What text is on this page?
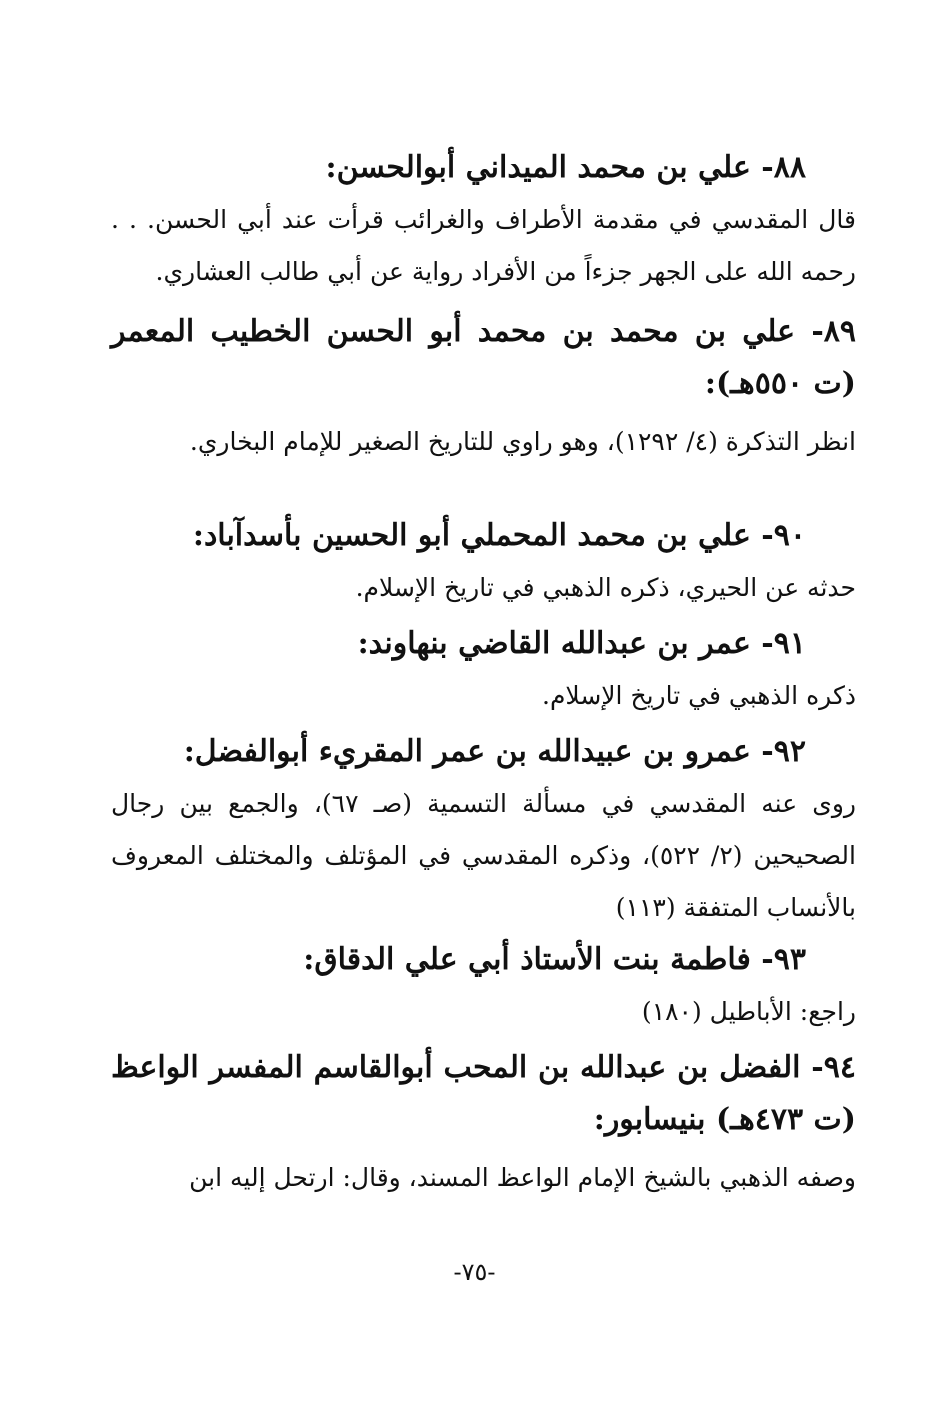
٨٨- علي بن محمد الميداني أبوالحسن:

قال المقدسي في مقدمة الأطراف والغرائب قرأت عند أبي الحسن. . . رحمه الله على الجهر جزءاً من الأفراد رواية عن أبي طالب العشاري.

٨٩- علي بن محمد بن محمد أبو الحسن الخطيب المعمر (ت ٥٥٠هـ):

انظر التذكرة (٤/ ١٢٩٢)، وهو راوي للتاريخ الصغير للإمام البخاري.

٩٠- علي بن محمد المحملي أبو الحسين بأسدآباد:

حدثه عن الحيري، ذكره الذهبي في تاريخ الإسلام.

٩١- عمر بن عبدالله القاضي بنهاوند:

ذكره الذهبي في تاريخ الإسلام.

٩٢- عمرو بن عبيدالله بن عمر المقريء أبوالفضل:

روى عنه المقدسي في مسألة التسمية (صـ ٦٧)، والجمع بين رجال الصحيحين (٢/ ٥٢٢)، وذكره المقدسي في المؤتلف والمختلف المعروف بالأنساب المتفقة (١١٣)

٩٣- فاطمة بنت الأستاذ أبي علي الدقاق:

راجع: الأباطيل (١٨٠)

٩٤- الفضل بن عبدالله بن المحب أبوالقاسم المفسر الواعظ (ت ٤٧٣هـ) بنيسابور:

وصفه الذهبي بالشيخ الإمام الواعظ المسند، وقال: ارتحل إليه ابن

-٧٥-
